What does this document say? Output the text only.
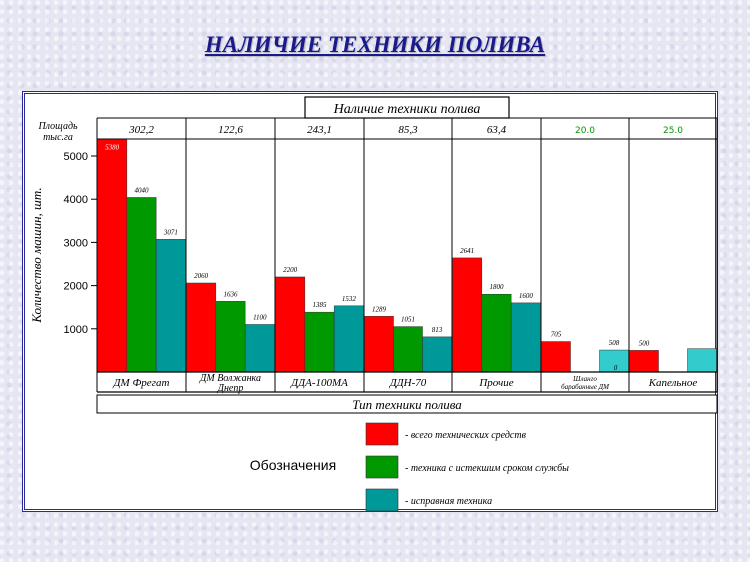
НАЛИЧИЕ ТЕХНИКИ ПОЛИВА
Наличие техники полива
Площадь
тыс.га
302,2	122,6	243,1	85,3	63,4	20.0	25.0
1000
2000
3000
4000
5000
Количество машин, шт.
5380
4040
3071
2060
1636
1100
2200
1385
1532
1289
1051
813
2641
1800
1600
705
508	500
0
ДМ Фрегат	ДМ Волжанка
Днепр	ДДА-100МА	ДДН-70	Прочие	Шланго
барабанные ДМ	Капельное
Тип техники полива
Обозначения
- всего технических средств
- техника с истекшим сроком службы
- исправная техника
